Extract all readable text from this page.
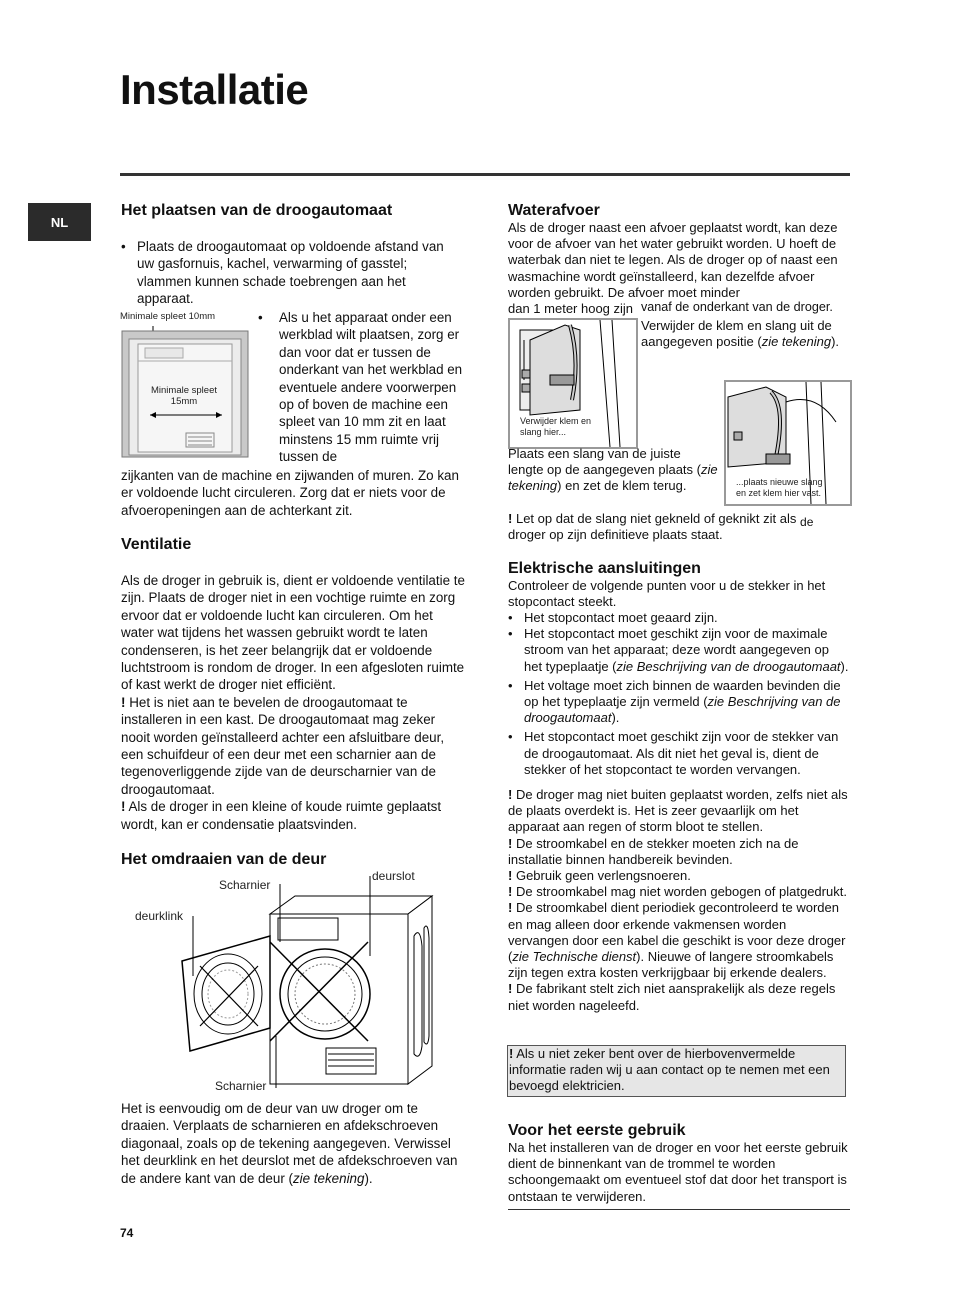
Installatie
NL
Het plaatsen van de droogautomaat
• Plaats de droogautomaat op voldoende afstand van uw gasfornuis, kachel, verwarming of gasstel; vlammen kunnen schade toebrengen aan het apparaat.
Minimale spleet 10mm
Minimale spleet
15mm
• Als u het apparaat onder een werkblad wilt plaatsen, zorg er dan voor dat er tussen de onderkant van het werkblad en eventuele andere voorwerpen op of boven de machine een spleet van 10 mm zit en laat minstens 15 mm ruimte vrij tussen de
zijkanten van de machine en zijwanden of muren. Zo kan er voldoende lucht circuleren. Zorg dat er niets voor de afvoeropeningen aan de achterkant zit.
Ventilatie
Als de droger in gebruik is, dient er voldoende ventilatie te zijn. Plaats de droger niet in een vochtige ruimte en zorg ervoor dat er voldoende lucht kan circuleren. Om het water wat tijdens het wassen gebruikt wordt te laten condenseren, is het zeer belangrijk dat er voldoende luchtstroom is rondom de droger. In een afgesloten ruimte of kast werkt de droger niet efficiënt.
! Het is niet aan te bevelen de droogautomaat te installeren in een kast. De droogautomaat mag zeker nooit worden geïnstalleerd achter een afsluitbare deur, een schuifdeur of een deur met een scharnier aan de tegenoverliggende zijde van de deurscharnier van de droogautomaat.
! Als de droger in een kleine of koude ruimte geplaatst wordt, kan er condensatie plaatsvinden.
Het omdraaien van de deur
deurslot
Scharnier
deurklink
Scharnier
Het is eenvoudig om de deur van uw droger om te draaien. Verplaats de scharnieren en afdekschroeven diagonaal, zoals op de tekening aangegeven. Verwissel het deurklink en het deurslot met de afdekschroeven van de andere kant van de deur (zie tekening).
Waterafvoer
Als de droger naast een afvoer geplaatst wordt, kan deze voor de afvoer van het water gebruikt worden. U hoeft de waterbak dan niet te legen. Als de droger op of naast een wasmachine wordt geïnstalleerd, kan dezelfde afvoer worden gebruikt. De afvoer moet minder
dan 1 meter hoog zijn vanaf de onderkant van de droger.
Verwijder klem en
slang hier...
Verwijder de klem en slang uit de aangegeven positie (zie tekening).
...plaats nieuwe slang
en zet klem hier vast.
Plaats een slang van de juiste lengte op de aangegeven plaats (zie tekening) en zet de klem terug.
! Let op dat de slang niet gekneld of geknikt zit als de
droger op zijn definitieve plaats staat.
Elektrische aansluitingen
Controleer de volgende punten voor u de stekker in het stopcontact steekt.
• Het stopcontact moet geaard zijn.
• Het stopcontact moet geschikt zijn voor de maximale stroom van het apparaat; deze wordt aangegeven op het typeplaatje (zie Beschrijving van de droogautomaat).
• Het voltage moet zich binnen de waarden bevinden die op het typeplaatje zijn vermeld (zie Beschrijving van de droogautomaat).
• Het stopcontact moet geschikt zijn voor de stekker van de droogautomaat. Als dit niet het geval is, dient de stekker of het stopcontact te worden vervangen.
! De droger mag niet buiten geplaatst worden, zelfs niet als de plaats overdekt is. Het is zeer gevaarlijk om het apparaat aan regen of storm bloot te stellen.
! De stroomkabel en de stekker moeten zich na de installatie binnen handbereik bevinden.
! Gebruik geen verlengsnoeren.
! De stroomkabel mag niet worden gebogen of platgedrukt.
! De stroomkabel dient periodiek gecontroleerd te worden en mag alleen door erkende vakmensen worden vervangen door een kabel die geschikt is voor deze droger (zie Technische dienst). Nieuwe of langere stroomkabels zijn tegen extra kosten verkrijgbaar bij erkende dealers.
! De fabrikant stelt zich niet aansprakelijk als deze regels niet worden nageleefd.
! Als u niet zeker bent over de hierbovenvermelde informatie raden wij u aan contact op te nemen met een bevoegd elektricien.
Voor het eerste gebruik
Na het installeren van de droger en voor het eerste gebruik dient de binnenkant van de trommel te worden schoongemaakt om eventueel stof dat door het transport is ontstaan te verwijderen.
74
